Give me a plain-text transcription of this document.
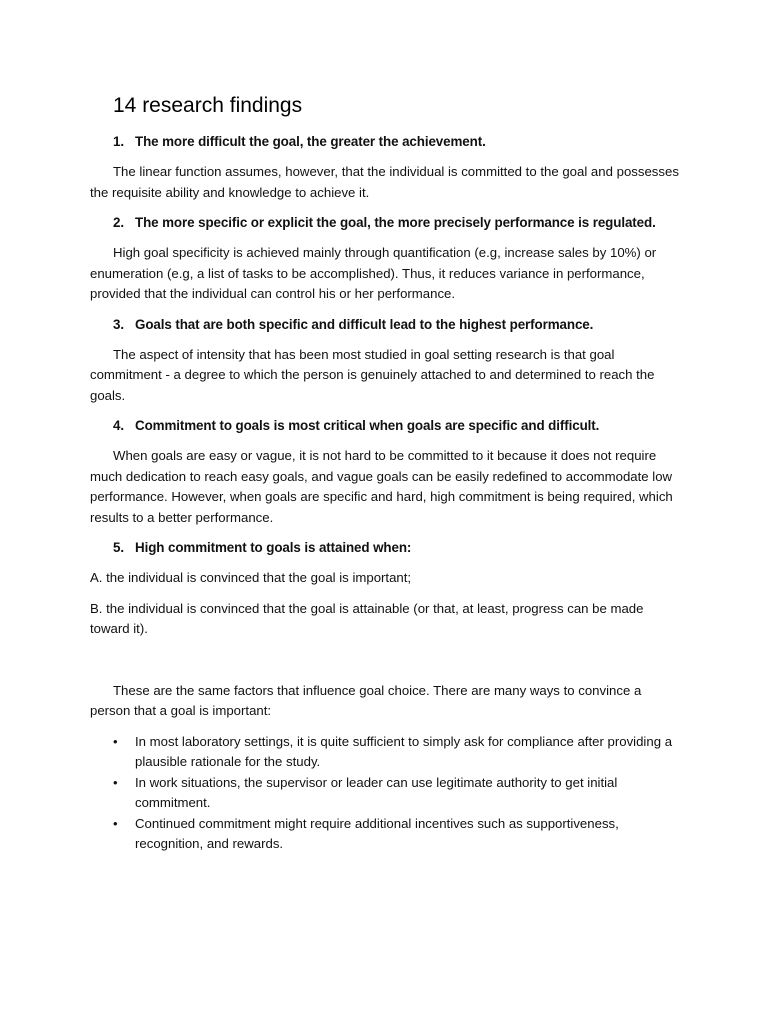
14 research findings
1. The more difficult the goal, the greater the achievement.

The linear function assumes, however, that the individual is committed to the goal and possesses the requisite ability and knowledge to achieve it.

2. The more specific or explicit the goal, the more precisely performance is regulated.

High goal specificity is achieved mainly through quantification (e.g, increase sales by 10%) or enumeration (e.g, a list of tasks to be accomplished). Thus, it reduces variance in performance, provided that the individual can control his or her performance.

3. Goals that are both specific and difficult lead to the highest performance.

The aspect of intensity that has been most studied in goal setting research is that goal commitment - a degree to which the person is genuinely attached to and determined to reach the goals.

4. Commitment to goals is most critical when goals are specific and difficult.

When goals are easy or vague, it is not hard to be committed to it because it does not require much dedication to reach easy goals, and vague goals can be easily redefined to accommodate low performance. However, when goals are specific and hard, high commitment is being required, which results to a better performance.

5. High commitment to goals is attained when:

A. the individual is convinced that the goal is important;

B. the individual is convinced that the goal is attainable (or that, at least, progress can be made toward it).

These are the same factors that influence goal choice. There are many ways to convince a person that a goal is important:

•	In most laboratory settings, it is quite sufficient to simply ask for compliance after providing a plausible rationale for the study.
•	In work situations, the supervisor or leader can use legitimate authority to get initial commitment.
•	Continued commitment might require additional incentives such as supportiveness, recognition, and rewards.
